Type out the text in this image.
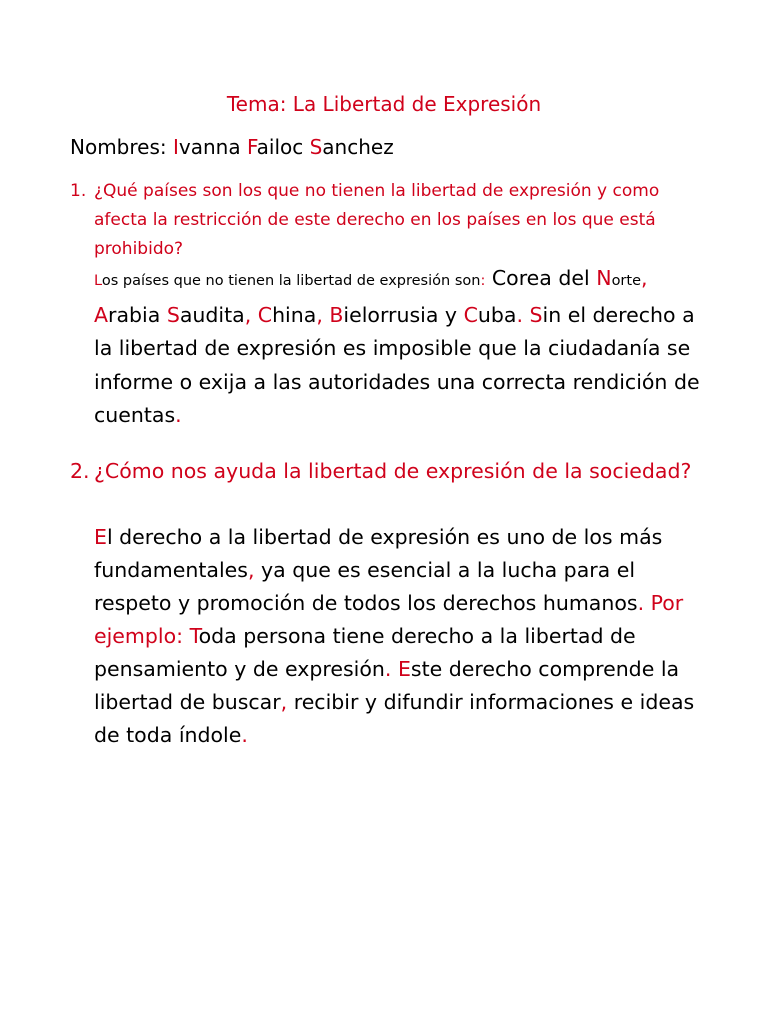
Tema: La Libertad de Expresión
Nombres: Ivanna Failoc Sanchez
1. ¿Qué países son los que no tienen la libertad de expresión y como afecta la restricción de este derecho en los países en los que está prohibido?
Los países que no tienen la libertad de expresión son: Corea del Norte, Arabia Saudita, China, Bielorrusia y Cuba. Sin el derecho a la libertad de expresión es imposible que la ciudadanía se informe o exija a las autoridades una correcta rendición de cuentas.
2. ¿Cómo nos ayuda la libertad de expresión de la sociedad?
El derecho a la libertad de expresión es uno de los más fundamentales, ya que es esencial a la lucha para el respeto y promoción de todos los derechos humanos. Por ejemplo: Toda persona tiene derecho a la libertad de pensamiento y de expresión. Este derecho comprende la libertad de buscar, recibir y difundir informaciones e ideas de toda índole.
